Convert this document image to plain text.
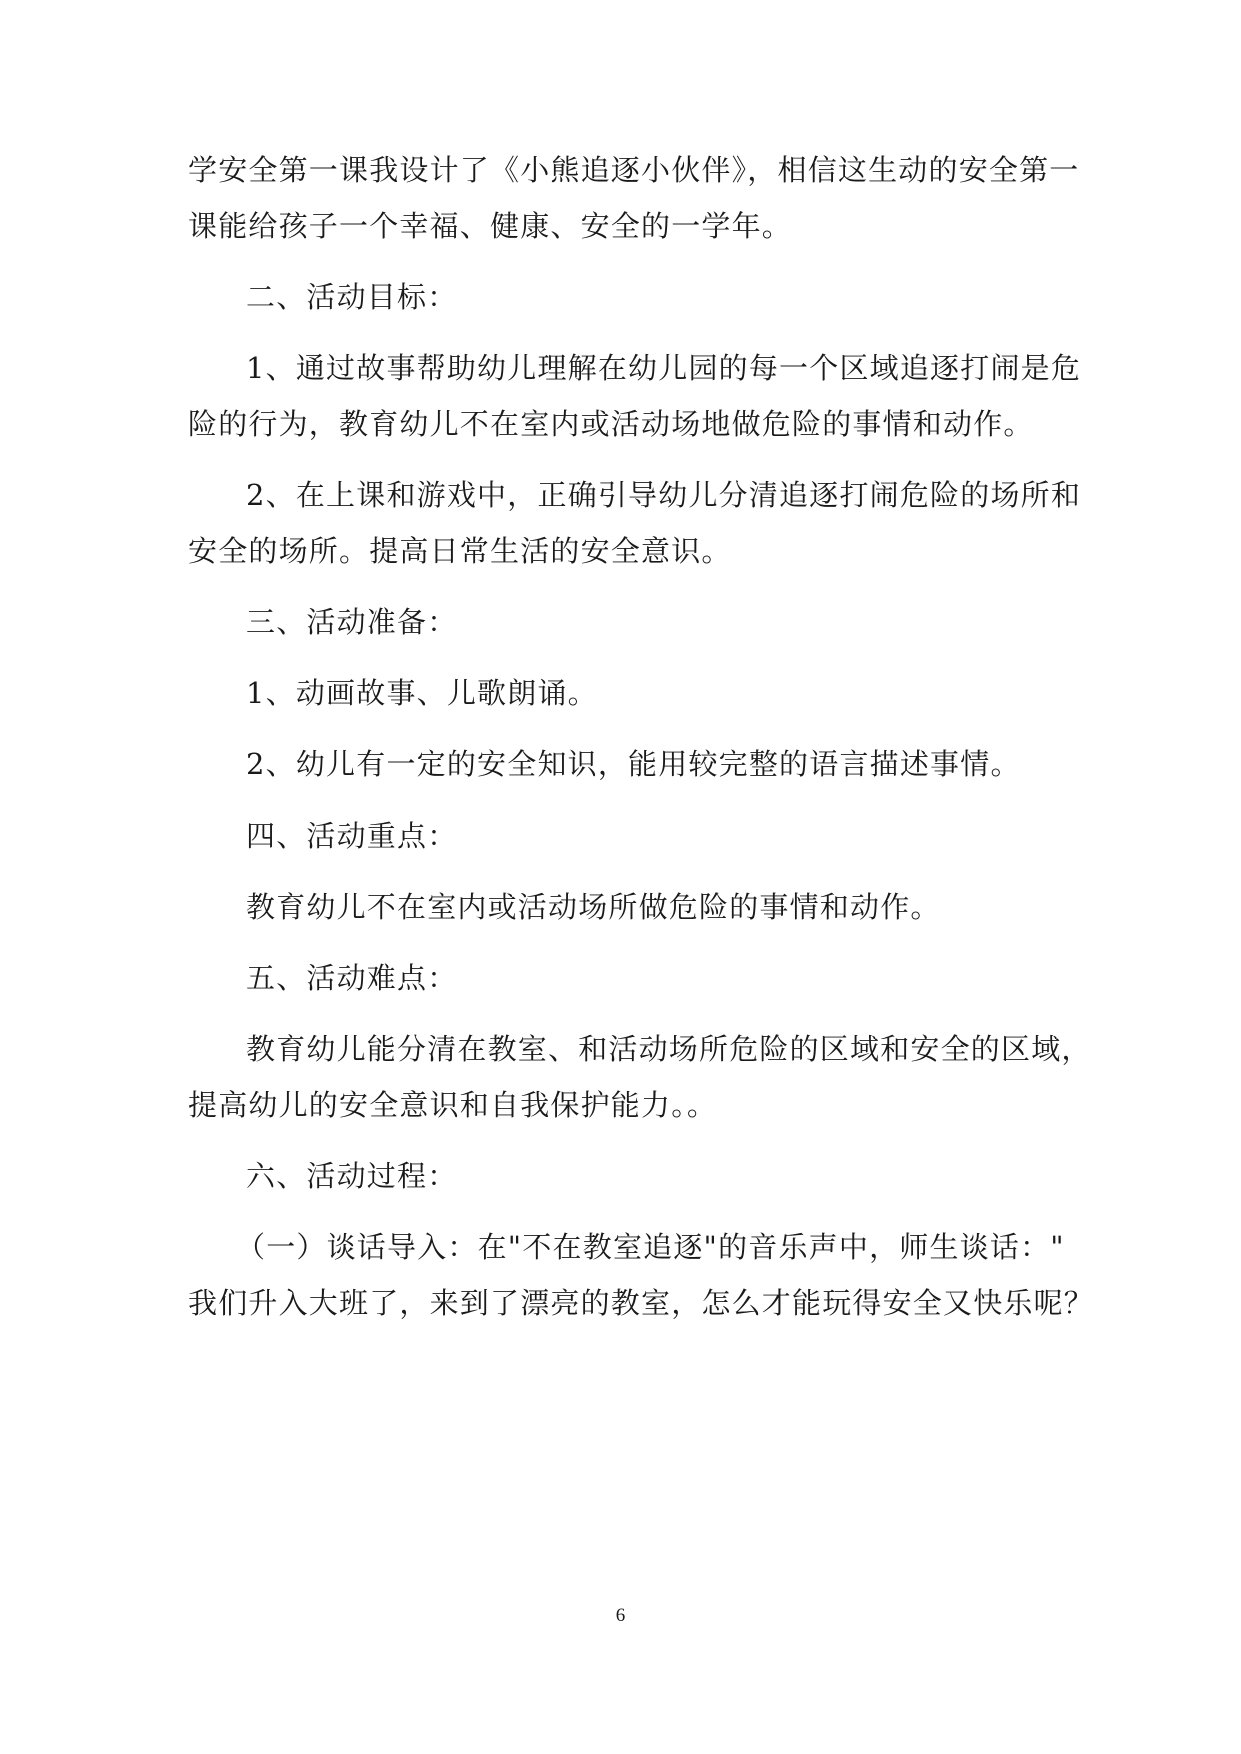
学安全第一课我设计了《小熊追逐小伙伴》，相信这生动的安全第一
课能给孩子一个幸福、健康、安全的一学年。
二、活动目标：
1、通过故事帮助幼儿理解在幼儿园的每一个区域追逐打闹是危
险的行为，教育幼儿不在室内或活动场地做危险的事情和动作。
2、在上课和游戏中，正确引导幼儿分清追逐打闹危险的场所和
安全的场所。提高日常生活的安全意识。
三、活动准备：
1、动画故事、儿歌朗诵。
2、幼儿有一定的安全知识，能用较完整的语言描述事情。
四、活动重点：
教育幼儿不在室内或活动场所做危险的事情和动作。
五、活动难点：
教育幼儿能分清在教室、和活动场所危险的区域和安全的区域，
提高幼儿的安全意识和自我保护能力。。
六、活动过程：
（一）谈话导入：在"不在教室追逐"的音乐声中，师生谈话："
我们升入大班了，来到了漂亮的教室，怎么才能玩得安全又快乐呢？
6
